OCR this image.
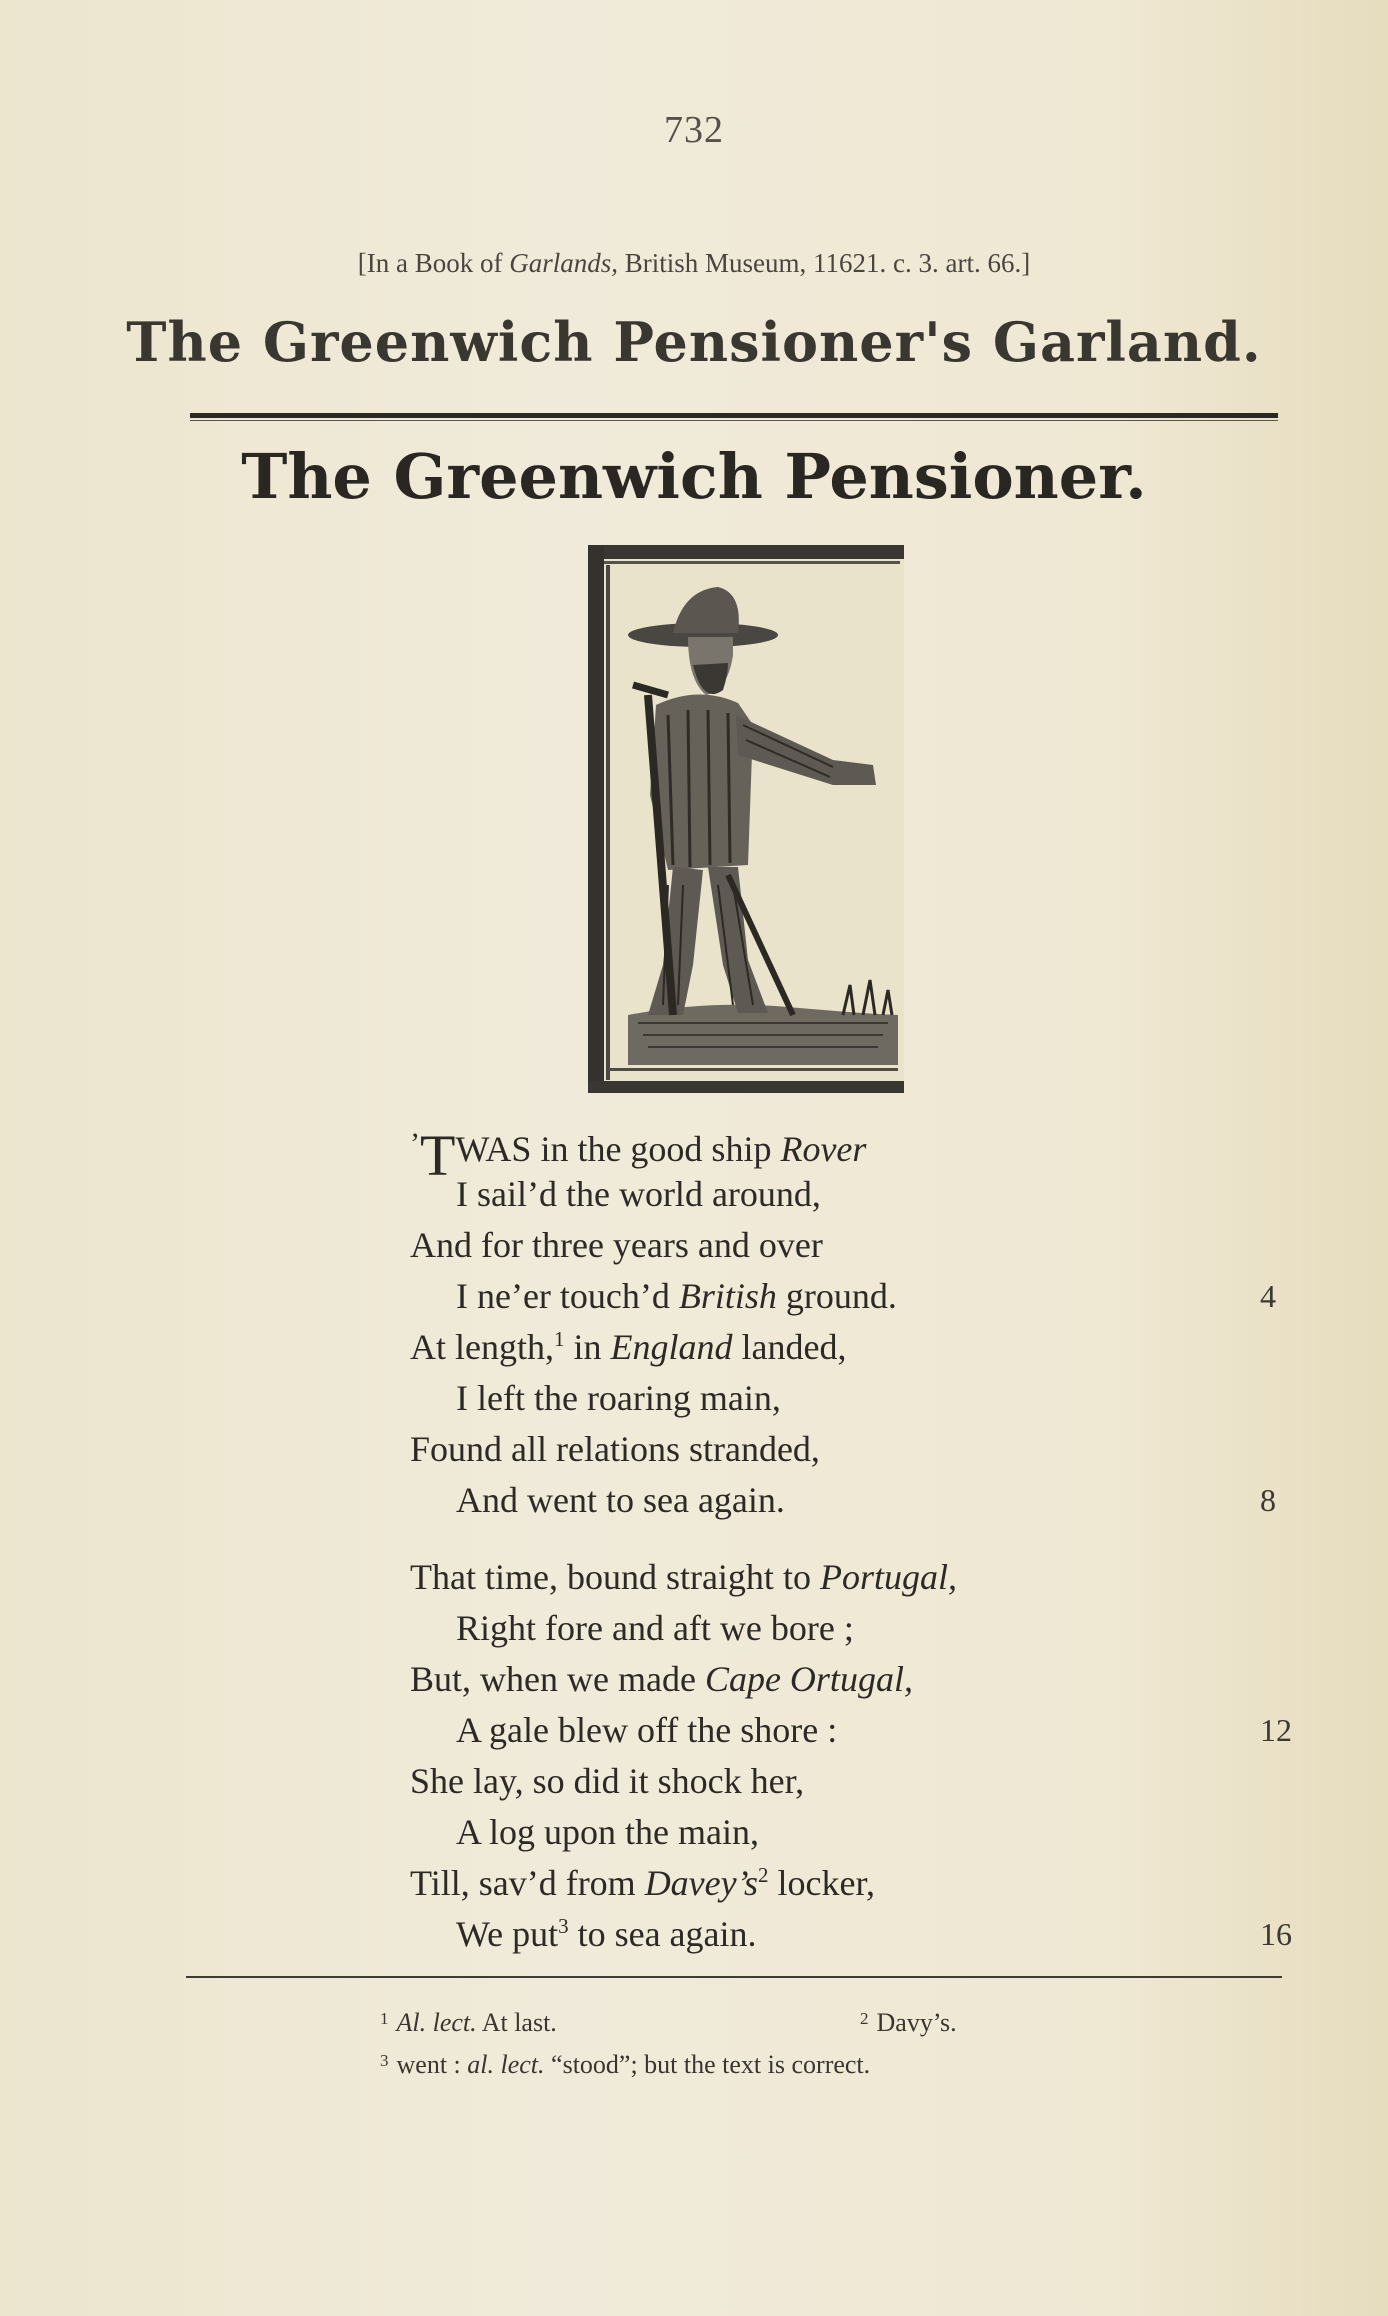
732
[In a Book of Garlands, British Museum, 11621. c. 3. art. 66.]
The Greenwich Pensioner's Garland.
The Greenwich Pensioner.
’TWAS in the good ship Rover
I sail’d the world around,
And for three years and over
I ne’er touch’d British ground.	4
At length,$^1$ in England landed,
I left the roaring main,
Found all relations stranded,
And went to sea again.	8
That time, bound straight to Portugal,
Right fore and aft we bore ;
But, when we made Cape Ortugal,
A gale blew off the shore :	12
She lay, so did it shock her,
A log upon the main,
Till, sav’d from $Davey’s^2$ locker,
We put$^3$ to sea again.	16
$^1$ Al. lect. At last.	$^2$ Davy’s.
$^3$ went : al. lect. “stood”; but the text is correct.
